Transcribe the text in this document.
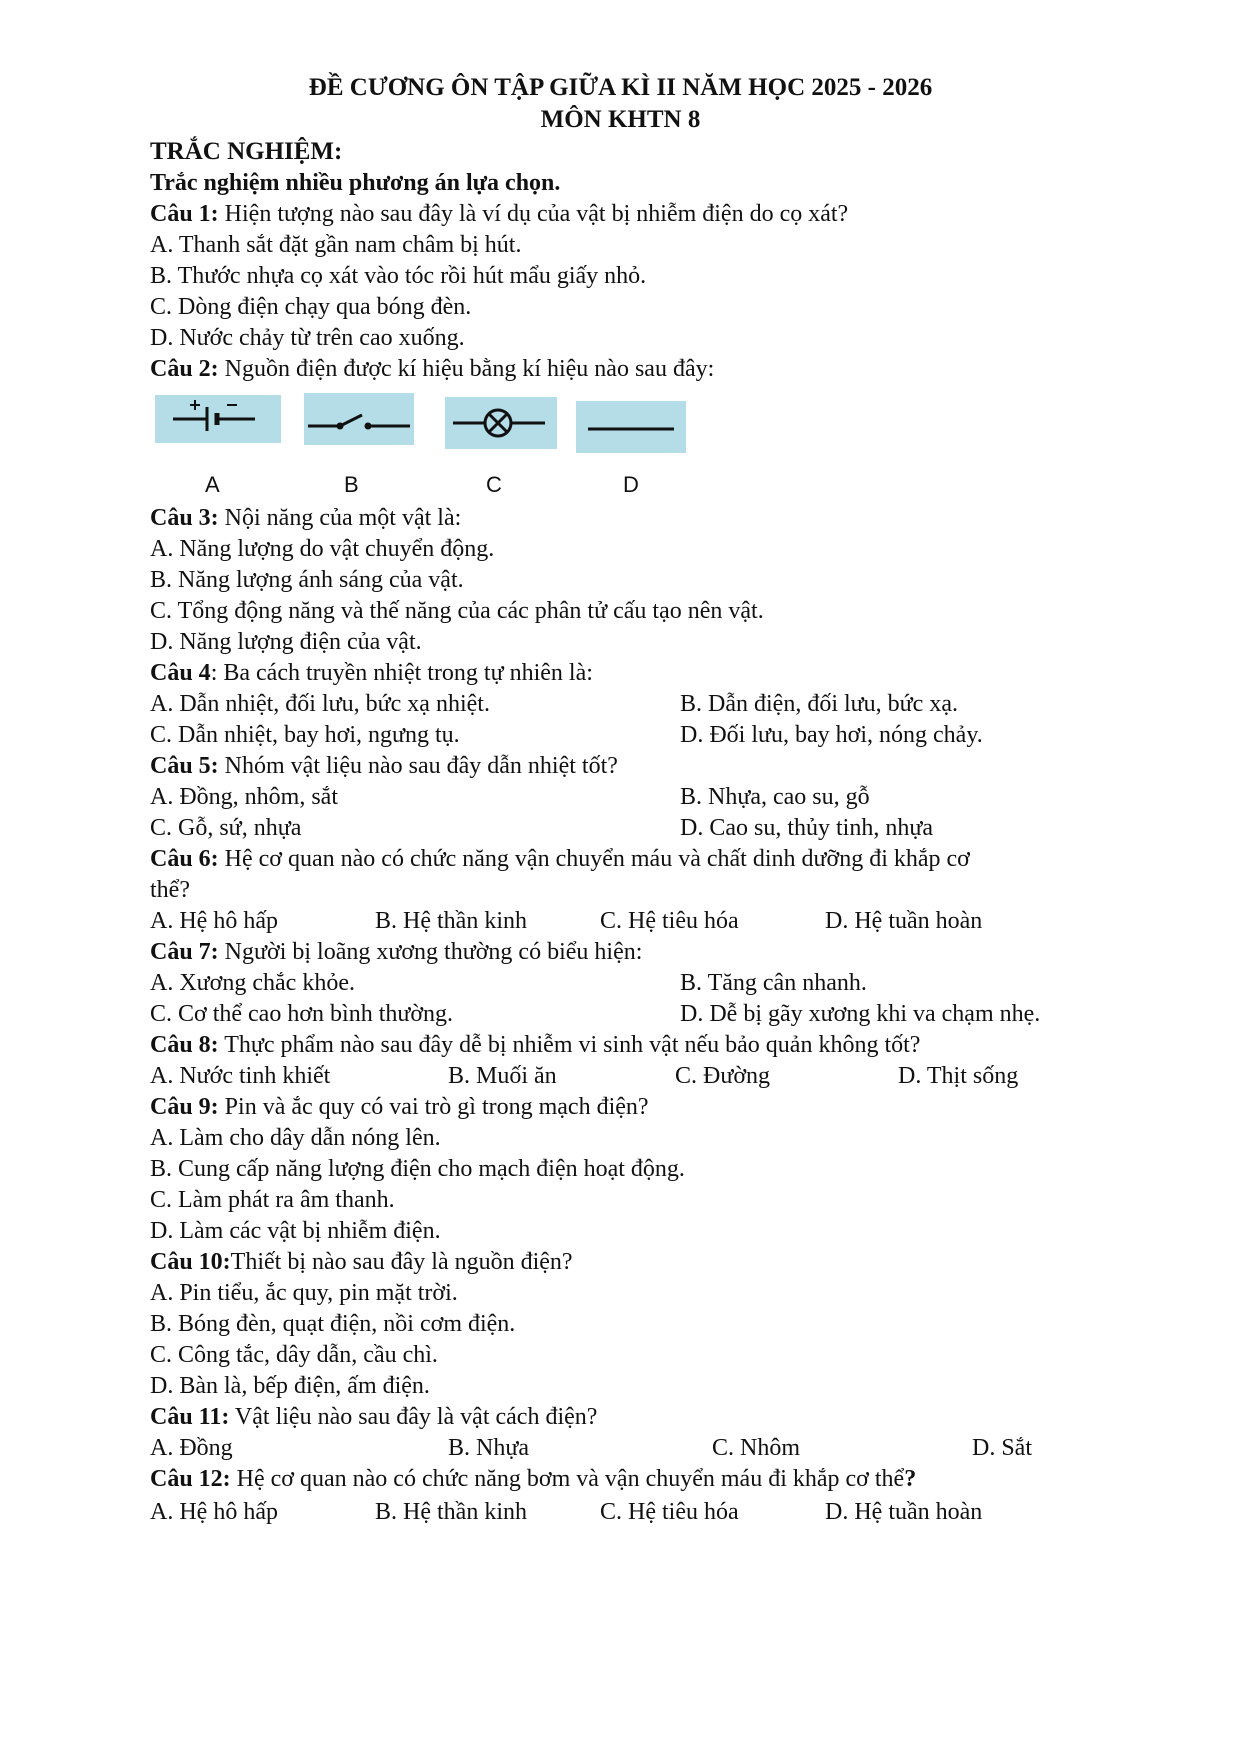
ĐỀ CƯƠNG ÔN TẬP GIỮA KÌ II NĂM HỌC 2025 - 2026
MÔN KHTN 8
TRẮC NGHIỆM:
Trắc nghiệm nhiều phương án lựa chọn.
Câu 1: Hiện tượng nào sau đây là ví dụ của vật bị nhiễm điện do cọ xát?
A. Thanh sắt đặt gần nam châm bị hút.
B. Thước nhựa cọ xát vào tóc rồi hút mẩu giấy nhỏ.
C. Dòng điện chạy qua bóng đèn.
D. Nước chảy từ trên cao xuống.
Câu 2: Nguồn điện được kí hiệu bằng kí hiệu nào sau đây:
A	B	C	D
Câu 3: Nội năng của một vật là:
A. Năng lượng do vật chuyển động.
B. Năng lượng ánh sáng của vật.
C. Tổng động năng và thế năng của các phân tử cấu tạo nên vật.
D. Năng lượng điện của vật.
Câu 4: Ba cách truyền nhiệt trong tự nhiên là:
A. Dẫn nhiệt, đối lưu, bức xạ nhiệt.	B. Dẫn điện, đối lưu, bức xạ.
C. Dẫn nhiệt, bay hơi, ngưng tụ.	D. Đối lưu, bay hơi, nóng chảy.
Câu 5: Nhóm vật liệu nào sau đây dẫn nhiệt tốt?
A. Đồng, nhôm, sắt	B. Nhựa, cao su, gỗ
C. Gỗ, sứ, nhựa	D. Cao su, thủy tinh, nhựa
Câu 6: Hệ cơ quan nào có chức năng vận chuyển máu và chất dinh dưỡng đi khắp cơ
thể?
A. Hệ hô hấp	B. Hệ thần kinh	C. Hệ tiêu hóa	D. Hệ tuần hoàn
Câu 7: Người bị loãng xương thường có biểu hiện:
A. Xương chắc khỏe.	B. Tăng cân nhanh.
C. Cơ thể cao hơn bình thường.	D. Dễ bị gãy xương khi va chạm nhẹ.
Câu 8: Thực phẩm nào sau đây dễ bị nhiễm vi sinh vật nếu bảo quản không tốt?
A. Nước tinh khiết	B. Muối ăn	C. Đường	D. Thịt sống
Câu 9: Pin và ắc quy có vai trò gì trong mạch điện?
A. Làm cho dây dẫn nóng lên.
B. Cung cấp năng lượng điện cho mạch điện hoạt động.
C. Làm phát ra âm thanh.
D. Làm các vật bị nhiễm điện.
Câu 10:Thiết bị nào sau đây là nguồn điện?
A. Pin tiểu, ắc quy, pin mặt trời.
B. Bóng đèn, quạt điện, nồi cơm điện.
C. Công tắc, dây dẫn, cầu chì.
D. Bàn là, bếp điện, ấm điện.
Câu 11: Vật liệu nào sau đây là vật cách điện?
A. Đồng	B. Nhựa	C. Nhôm	D. Sắt
Câu 12: Hệ cơ quan nào có chức năng bơm và vận chuyển máu đi khắp cơ thể?
A. Hệ hô hấp	B. Hệ thần kinh	C. Hệ tiêu hóa	D. Hệ tuần hoàn
